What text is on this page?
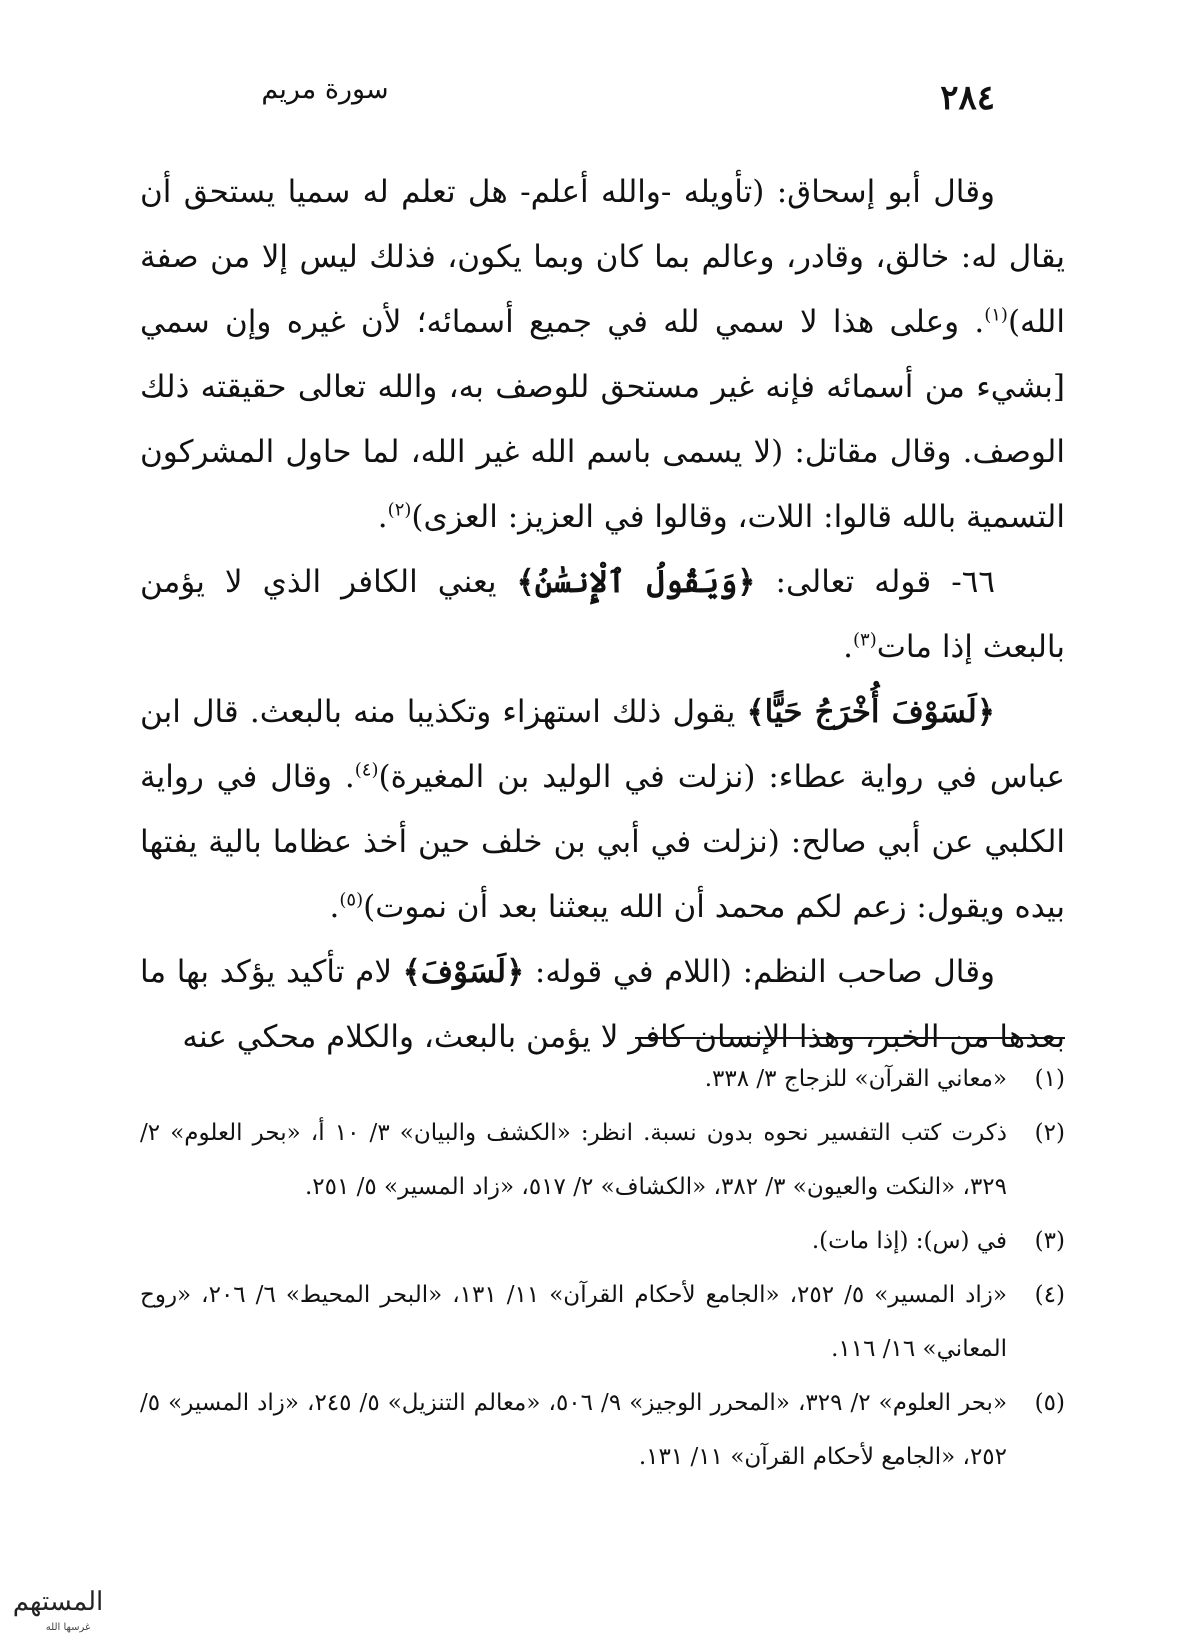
٢٨٤
سورة مريم

وقال أبو إسحاق: (تأويله -والله أعلم- هل تعلم له سميا يستحق أن يقال له: خالق، وقادر، وعالم بما كان وبما يكون، فذلك ليس إلا من صفة الله)$^{(١)}$. وعلى هذا لا سمي لله في جميع أسمائه؛ لأن غيره وإن سمي [بشيء من أسمائه فإنه غير مستحق للوصف به، والله تعالى حقيقته ذلك الوصف. وقال مقاتل: (لا يسمى باسم الله غير الله، لما حاول المشركون التسمية بالله قالوا: اللات، وقالوا في العزيز: العزى)$^{(٢)}$.

٦٦- قوله تعالى: ﴿وَيَقُولُ ٱلْإِنسَٰنُ﴾ يعني الكافر الذي لا يؤمن بالبعث إذا مات$^{(٣)}$.

﴿لَسَوْفَ أُخْرَجُ حَيًّا﴾ يقول ذلك استهزاء وتكذيبا منه بالبعث. قال ابن عباس في رواية عطاء: (نزلت في الوليد بن المغيرة)$^{(٤)}$. وقال في رواية الكلبي عن أبي صالح: (نزلت في أبي بن خلف حين أخذ عظاما بالية يفتها بيده ويقول: زعم لكم محمد أن الله يبعثنا بعد أن نموت)$^{(٥)}$.

وقال صاحب النظم: (اللام في قوله: ﴿لَسَوْفَ﴾ لام تأكيد يؤكد بها ما بعدها من الخبر، وهذا الإنسان كافر لا يؤمن بالبعث، والكلام محكي عنه

(١)
«معاني القرآن» للزجاج ٣/ ٣٣٨.
(٢)
ذكرت كتب التفسير نحوه بدون نسبة. انظر: «الكشف والبيان» ٣/ ١٠ أ، «بحر العلوم» ٢/ ٣٢٩، «النكت والعيون» ٣/ ٣٨٢، «الكشاف» ٢/ ٥١٧، «زاد المسير» ٥/ ٢٥١.
(٣)
في (س): (إذا مات).
(٤)
«زاد المسير» ٥/ ٢٥٢، «الجامع لأحكام القرآن» ١١/ ١٣١، «البحر المحيط» ٦/ ٢٠٦، «روح المعاني» ١٦/ ١١٦.
(٥)
«بحر العلوم» ٢/ ٣٢٩، «المحرر الوجيز» ٩/ ٥٠٦، «معالم التنزيل» ٥/ ٢٤٥، «زاد المسير» ٥/ ٢٥٢، «الجامع لأحكام القرآن» ١١/ ١٣١.
المستهم
غرسها الله
